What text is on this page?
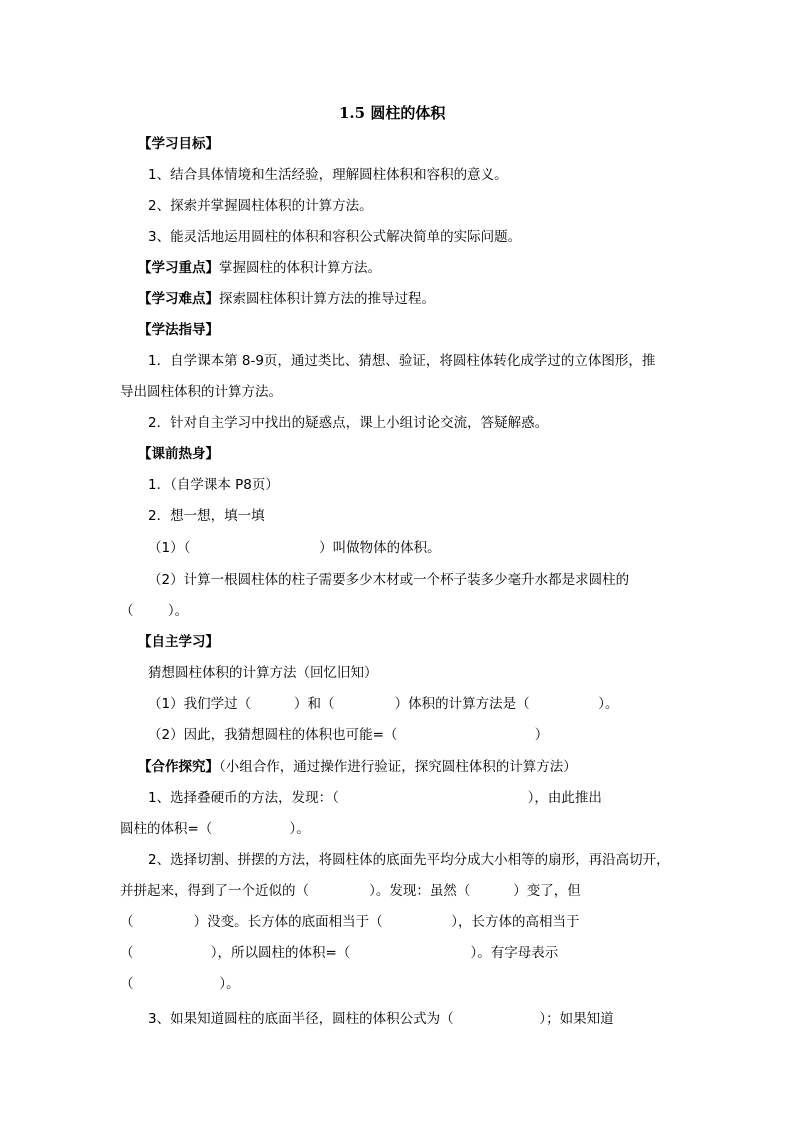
1.5 圆柱的体积
【学习目标】
1、结合具体情境和生活经验，理解圆柱体积和容积的意义。
2、探索并掌握圆柱体积的计算方法。
3、能灵活地运用圆柱的体积和容积公式解决简单的实际问题。
【学习重点】掌握圆柱的体积计算方法。
【学习难点】探索圆柱体积计算方法的推导过程。
【学法指导】
1．自学课本第 8-9页，通过类比、猜想、验证，将圆柱体转化成学过的立体图形，推
导出圆柱体积的计算方法。
2．针对自主学习中找出的疑惑点，课上小组讨论交流，答疑解惑。
【课前热身】
1．（自学课本 P8页）
2．想一想，填一填
（1）（                              ）叫做物体的体积。
（2）计算一根圆柱体的柱子需要多少木材或一个杯子装多少毫升水都是求圆柱的
（        ）。
【自主学习】
猜想圆柱体积的计算方法（回忆旧知）
（1）我们学过（          ）和（              ）体积的计算方法是（                ）。
（2）因此，我猜想圆柱的体积也可能=（                                ）
【合作探究】（小组合作，通过操作进行验证，探究圆柱体积的计算方法）
1、选择叠硬币的方法，发现：（                                            ），由此推出
圆柱的体积=（                  ）。
2、选择切割、拼摆的方法，将圆柱体的底面先平均分成大小相等的扇形，再沿高切开，
并拼起来，得到了一个近似的（              ）。发现：虽然（          ）变了，但
（              ）没变。长方体的底面相当于（                ），长方体的高相当于
（                  ），所以圆柱的体积=（                            ）。有字母表示
（                    ）。
3、如果知道圆柱的底面半径，圆柱的体积公式为（                    ）；如果知道
